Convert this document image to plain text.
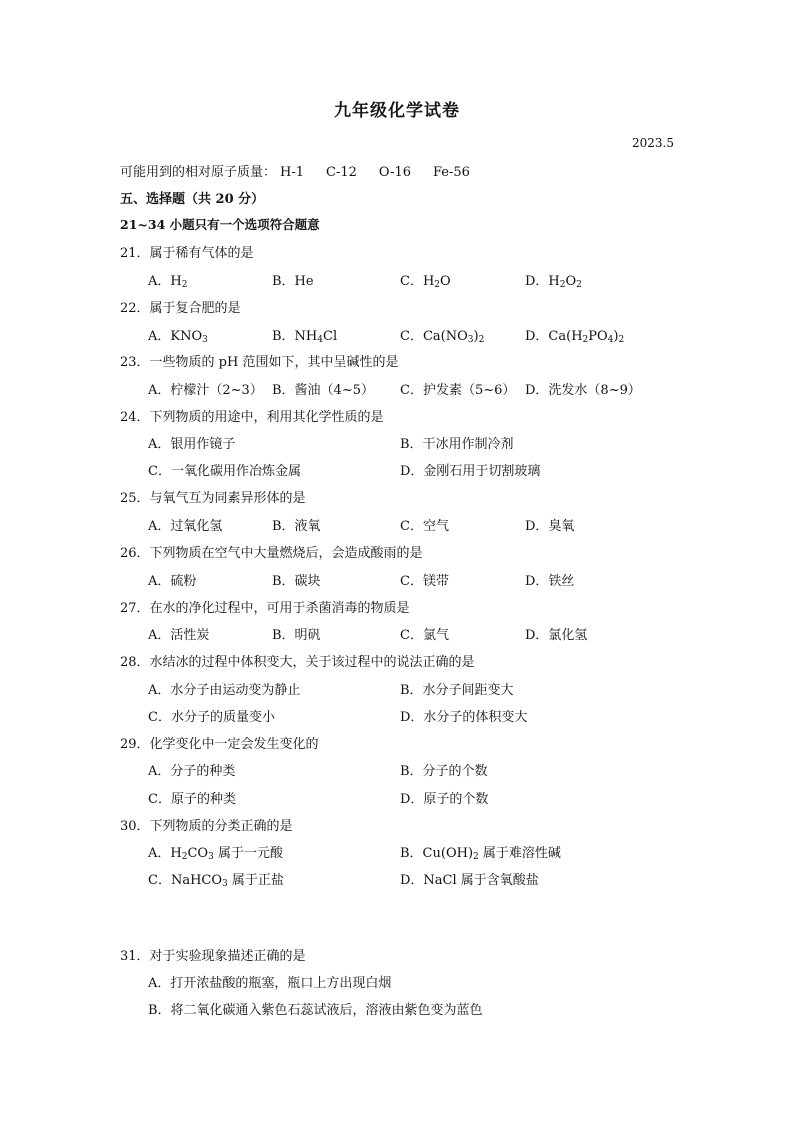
九年级化学试卷
2023.5
可能用到的相对原子质量： H-1 C-12 O-16 Fe-56
五、选择题（共 20 分）
21~34 小题只有一个选项符合题意
21．属于稀有气体的是
A．$H_2$	B．He	C．$H_2O$	D．$H_2O_2$
22．属于复合肥的是
A．$KNO_3$	B．$NH_4Cl$	C．$Ca(NO_3)_2$	D．$Ca(H_2PO_4)_2$
23．一些物质的 pH 范围如下，其中呈碱性的是
A．柠檬汁（2~3） B．酱油（4~5） C．护发素（5~6） D．洗发水（8~9）
24．下列物质的用途中，利用其化学性质的是
A．银用作镜子	B．干冰用作制冷剂
C．一氧化碳用作冶炼金属	D．金刚石用于切割玻璃
25．与氧气互为同素异形体的是
A．过氧化氢	B．液氧	C．空气	D．臭氧
26．下列物质在空气中大量燃烧后，会造成酸雨的是
A．硫粉	B．碳块	C．镁带	D．铁丝
27．在水的净化过程中，可用于杀菌消毒的物质是
A．活性炭	B．明矾	C．氯气	D．氯化氢
28．水结冰的过程中体积变大，关于该过程中的说法正确的是
A．水分子由运动变为静止	B．水分子间距变大
C．水分子的质量变小	D．水分子的体积变大
29．化学变化中一定会发生变化的
A．分子的种类	B．分子的个数
C．原子的种类	D．原子的个数
30．下列物质的分类正确的是
A．$H_2CO_3$ 属于一元酸	B．$Cu(OH)_2$ 属于难溶性碱
C．NaHCO$_3$ 属于正盐	D．NaCl 属于含氧酸盐
31．对于实验现象描述正确的是
A．打开浓盐酸的瓶塞，瓶口上方出现白烟
B．将二氧化碳通入紫色石蕊试液后，溶液由紫色变为蓝色
